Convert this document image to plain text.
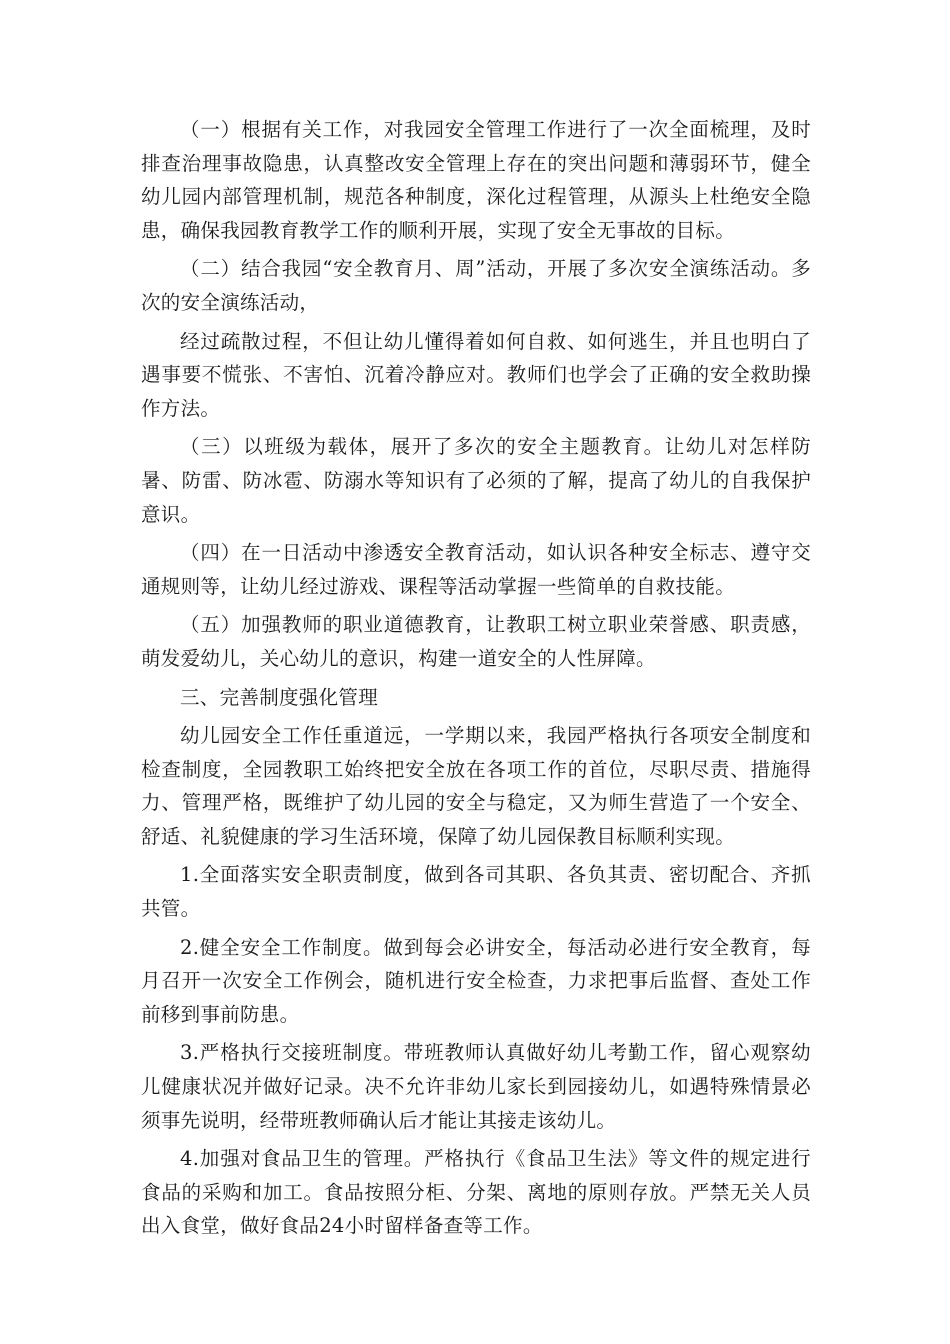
（一）根据有关工作，对我园安全管理工作进行了一次全面梳理，及时排查治理事故隐患，认真整改安全管理上存在的突出问题和薄弱环节，健全幼儿园内部管理机制，规范各种制度，深化过程管理，从源头上杜绝安全隐患，确保我园教育教学工作的顺利开展，实现了安全无事故的目标。

（二）结合我园“安全教育月、周”活动，开展了多次安全演练活动。多次的安全演练活动，

经过疏散过程，不但让幼儿懂得着如何自救、如何逃生，并且也明白了遇事要不慌张、不害怕、沉着冷静应对。教师们也学会了正确的安全救助操作方法。

（三）以班级为载体，展开了多次的安全主题教育。让幼儿对怎样防暑、防雷、防冰雹、防溺水等知识有了必须的了解，提高了幼儿的自我保护意识。

（四）在一日活动中渗透安全教育活动，如认识各种安全标志、遵守交通规则等，让幼儿经过游戏、课程等活动掌握一些简单的自救技能。

（五）加强教师的职业道德教育，让教职工树立职业荣誉感、职责感，萌发爱幼儿，关心幼儿的意识，构建一道安全的人性屏障。

三、完善制度强化管理

幼儿园安全工作任重道远，一学期以来，我园严格执行各项安全制度和检查制度，全园教职工始终把安全放在各项工作的首位，尽职尽责、措施得力、管理严格，既维护了幼儿园的安全与稳定，又为师生营造了一个安全、舒适、礼貌健康的学习生活环境，保障了幼儿园保教目标顺利实现。

1.全面落实安全职责制度，做到各司其职、各负其责、密切配合、齐抓共管。

2.健全安全工作制度。做到每会必讲安全，每活动必进行安全教育，每月召开一次安全工作例会，随机进行安全检查，力求把事后监督、查处工作前移到事前防患。

3.严格执行交接班制度。带班教师认真做好幼儿考勤工作，留心观察幼儿健康状况并做好记录。决不允许非幼儿家长到园接幼儿，如遇特殊情景必须事先说明，经带班教师确认后才能让其接走该幼儿。

4.加强对食品卫生的管理。严格执行《食品卫生法》等文件的规定进行食品的采购和加工。食品按照分柜、分架、离地的原则存放。严禁无关人员出入食堂，做好食品24小时留样备查等工作。
